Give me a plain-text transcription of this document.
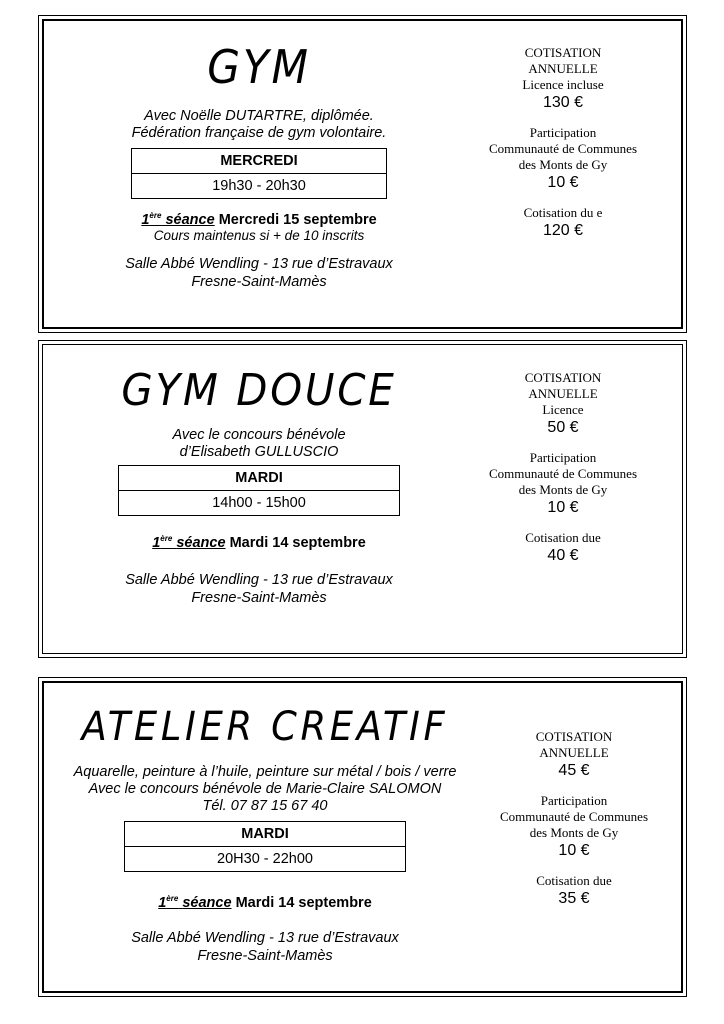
GYM
Avec Noëlle DUTARTRE, diplômée.
Fédération française de gym volontaire.
MERCREDI
19h30 - 20h30
1ère séance Mercredi 15 septembre
Cours maintenus si + de 10 inscrits
Salle Abbé Wendling - 13 rue d’Estravaux
Fresne-Saint-Mamès
COTISATION
ANNUELLE
Licence incluse
130 €
Participation
Communauté de Communes
des Monts de Gy
10 €
Cotisation du e
120 €
GYM DOUCE
Avec le concours bénévole
d’Elisabeth GULLUSCIO
MARDI
14h00 - 15h00
1ère séance Mardi 14 septembre
Salle Abbé Wendling - 13 rue d’Estravaux
Fresne-Saint-Mamès
COTISATION
ANNUELLE
Licence
50 €
Participation
Communauté de Communes
des Monts de Gy
10 €
Cotisation due
40 €
ATELIER CREATIF
Aquarelle, peinture à l’huile, peinture sur métal / bois / verre
Avec le concours bénévole de Marie-Claire SALOMON
Tél. 07 87 15 67 40
MARDI
20H30 - 22h00
1ère séance Mardi 14 septembre
Salle Abbé Wendling - 13 rue d’Estravaux
Fresne-Saint-Mamès
COTISATION
ANNUELLE
45 €
Participation
Communauté de Communes
des Monts de Gy
10 €
Cotisation due
35 €
